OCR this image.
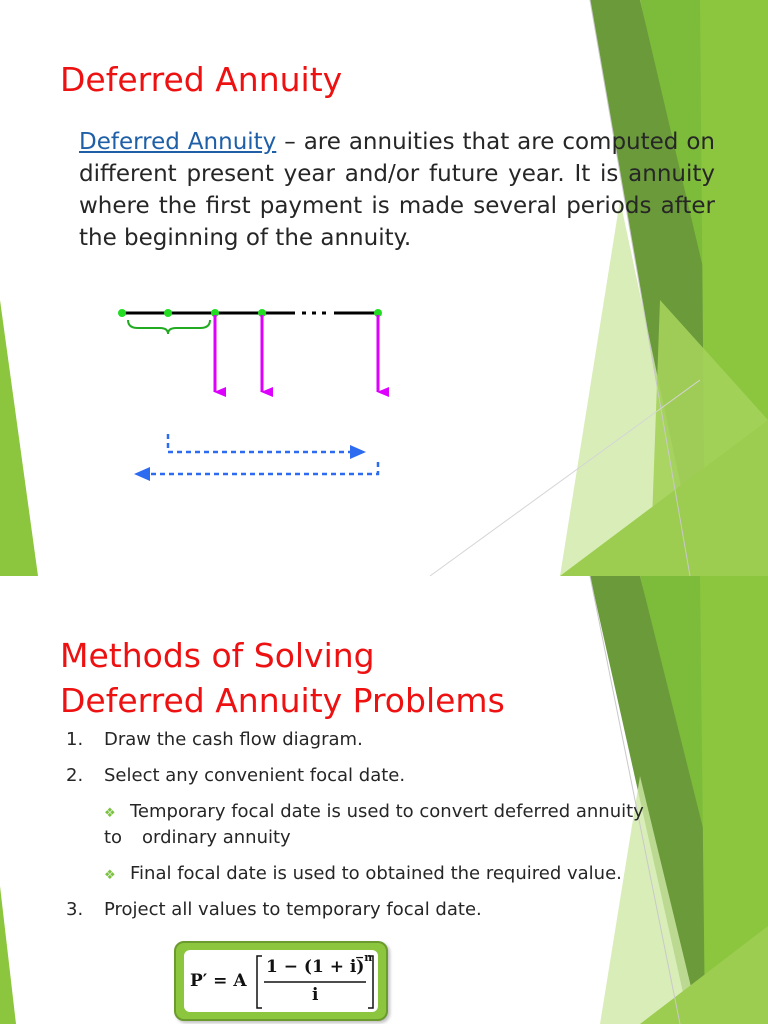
Deferred Annuity

Deferred Annuity – are annuities that are computed on different present year and/or future year. It is annuity where the first payment is made several periods after the beginning of the annuity.

Methods of Solving
Deferred Annuity Problems
1. Draw the cash flow diagram.
2. Select any convenient focal date.
❖ Temporary focal date is used to convert deferred annuity
to ordinary annuity
❖ Final focal date is used to obtained the required value.
3. Project all values to temporary focal date.
P′ = A
1 − (1 + i)
−n
i
